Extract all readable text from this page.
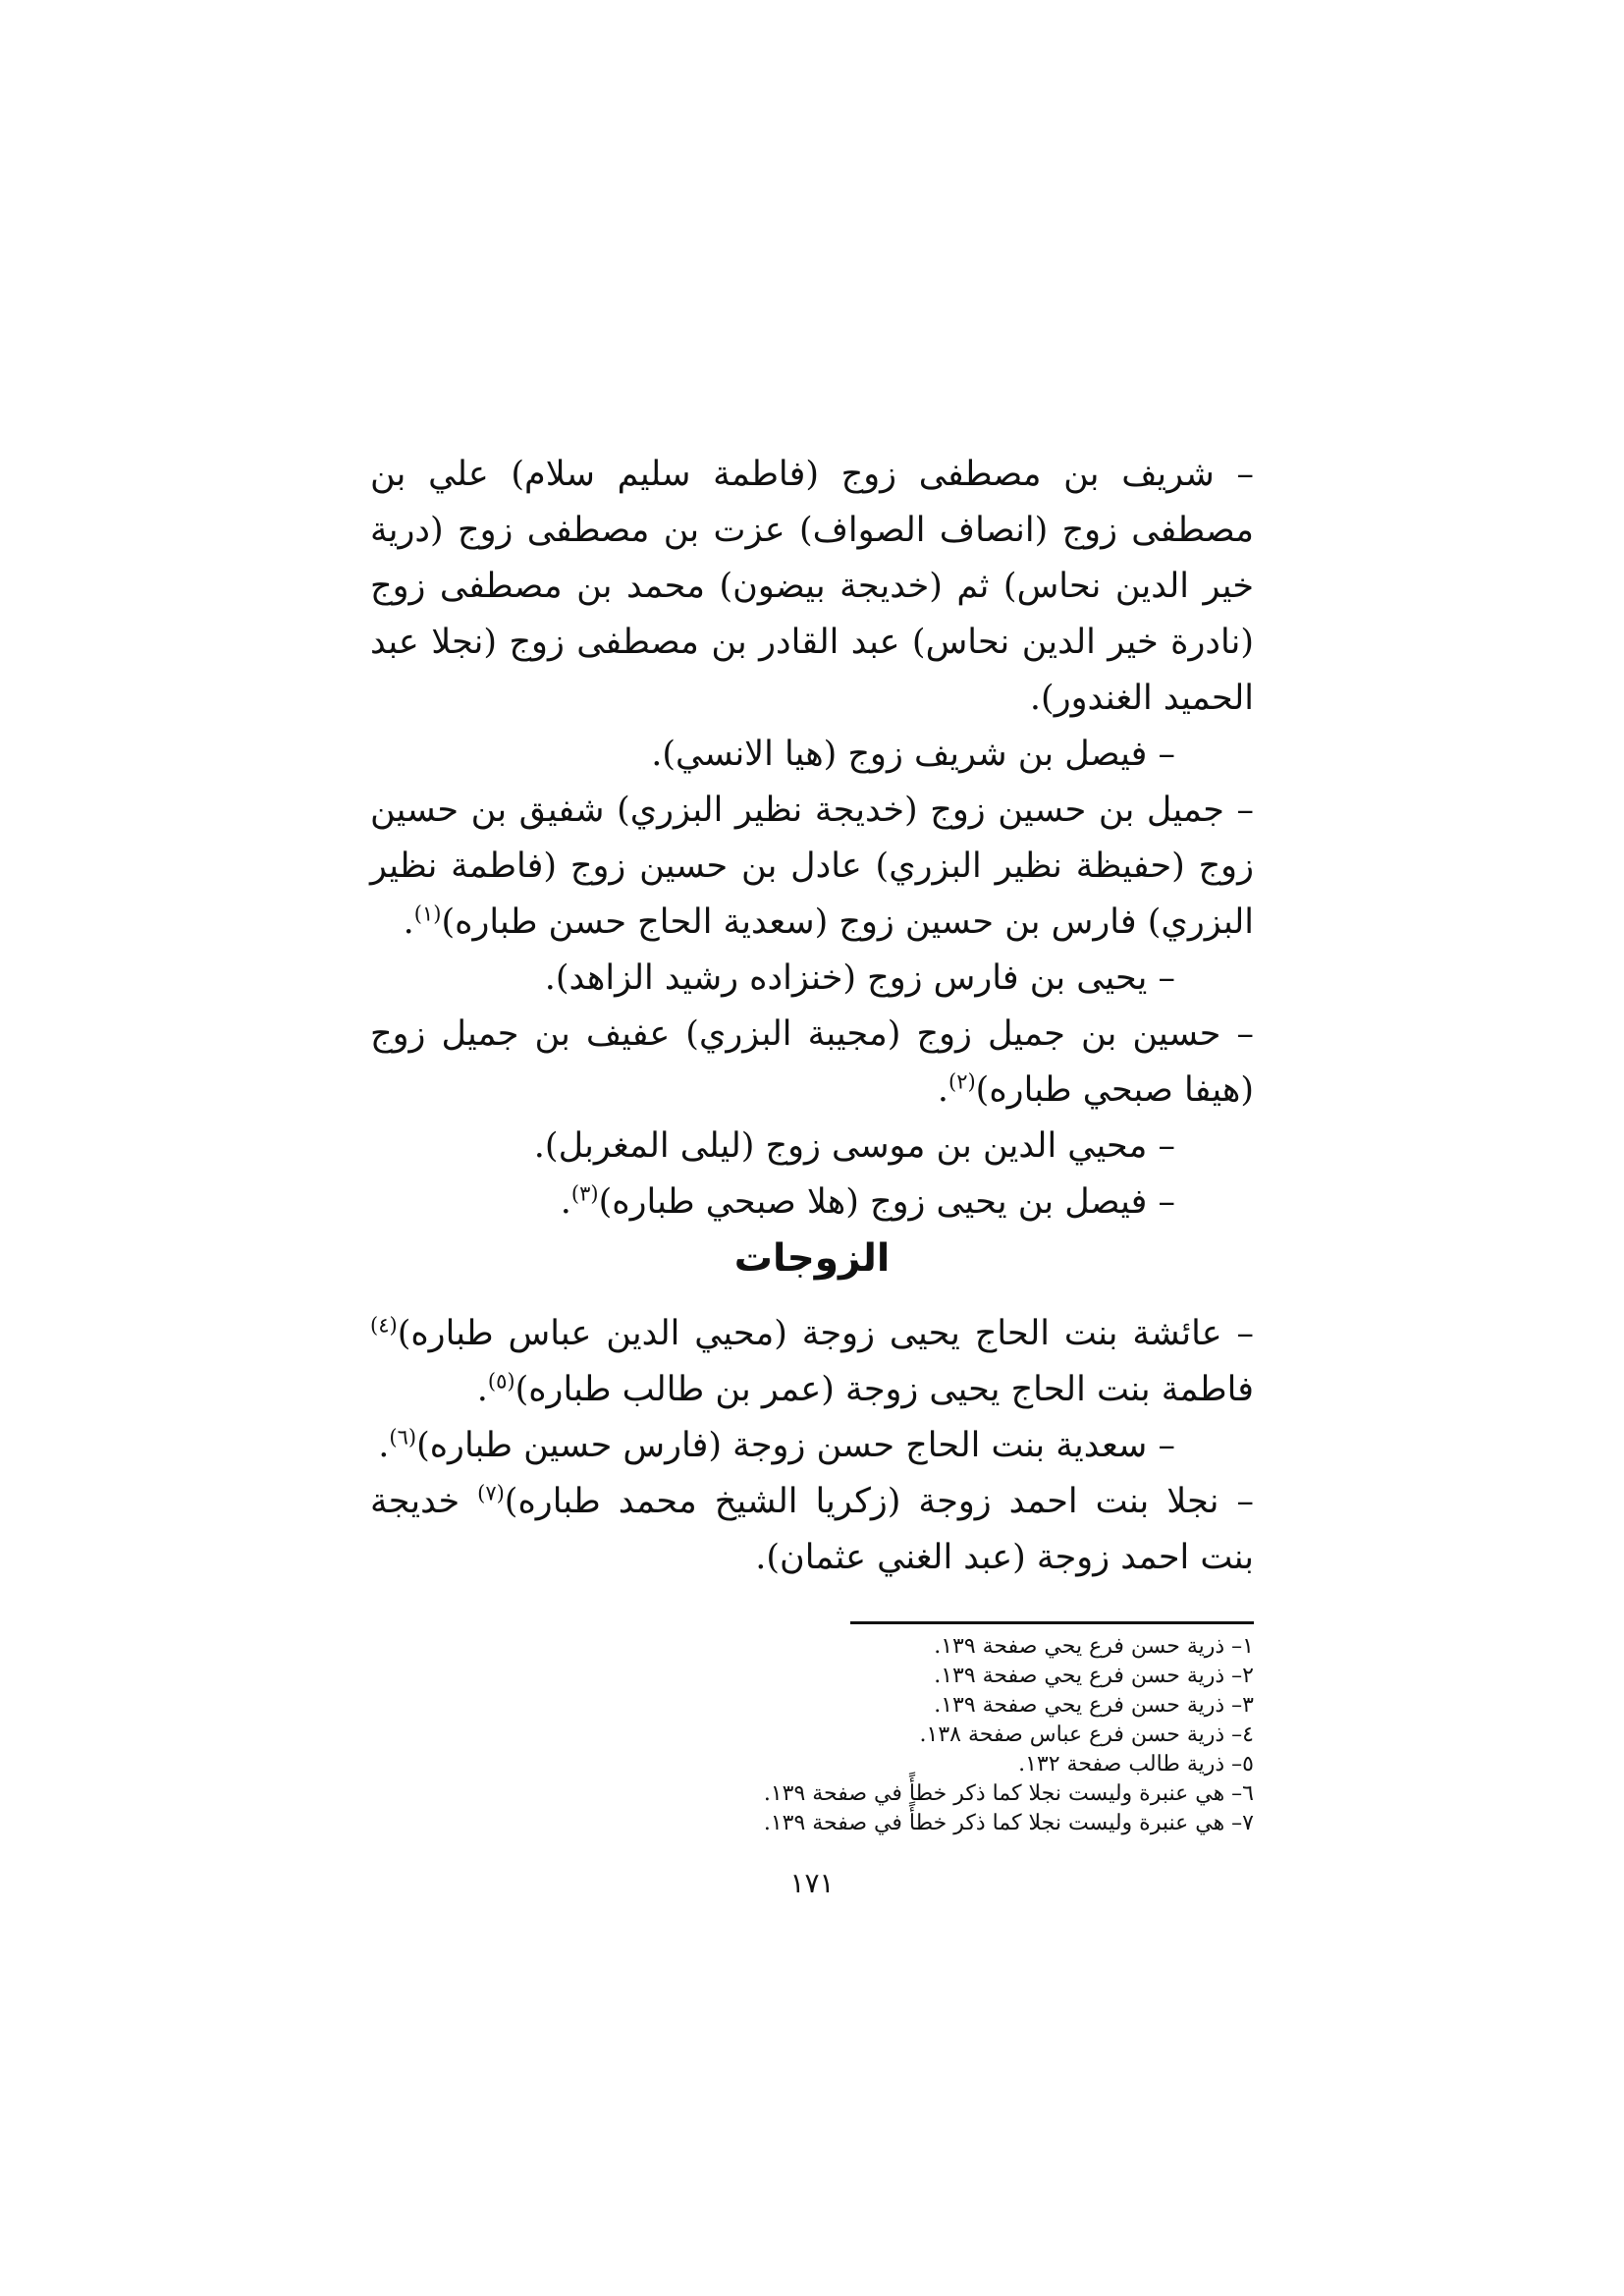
– شريف بن مصطفى زوج (فاطمة سليم سلام) علي بن مصطفى زوج (انصاف الصواف) عزت بن مصطفى زوج (درية خير الدين نحاس) ثم (خديجة بيضون) محمد بن مصطفى زوج (نادرة خير الدين نحاس) عبد القادر بن مصطفى زوج (نجلا عبد الحميد الغندور).

– فيصل بن شريف زوج (هيا الانسي).

– جميل بن حسين زوج (خديجة نظير البزري) شفيق بن حسين زوج (حفيظة نظير البزري) عادل بن حسين زوج (فاطمة نظير البزري) فارس بن حسين زوج (سعدية الحاج حسن طباره)$^{(١)}$.

– يحيى بن فارس زوج (خنزاده رشيد الزاهد).

– حسين بن جميل زوج (مجيبة البزري) عفيف بن جميل زوج (هيفا صبحي طباره)$^{(٢)}$.

– محيي الدين بن موسى زوج (ليلى المغربل).

– فيصل بن يحيى زوج (هلا صبحي طباره)$^{(٣)}$.

الزوجات

– عائشة بنت الحاج يحيى زوجة (محيي الدين عباس طباره)$^{(٤)}$ فاطمة بنت الحاج يحيى زوجة (عمر بن طالب طباره)$^{(٥)}$.

– سعدية بنت الحاج حسن زوجة (فارس حسين طباره)$^{(٦)}$.

– نجلا بنت احمد زوجة (زكريا الشيخ محمد طباره)$^{(٧)}$ خديجة بنت احمد زوجة (عبد الغني عثمان).

١– ذرية حسن فرع يحي صفحة ١٣٩.

٢– ذرية حسن فرع يحي صفحة ١٣٩.

٣– ذرية حسن فرع يحي صفحة ١٣٩.

٤– ذرية حسن فرع عباس صفحة ١٣٨.

٥– ذرية طالب صفحة ١٣٢.

٦– هي عنبرة وليست نجلا كما ذكر خطأً في صفحة ١٣٩.

٧– هي عنبرة وليست نجلا كما ذكر خطأً في صفحة ١٣٩.

١٧١
